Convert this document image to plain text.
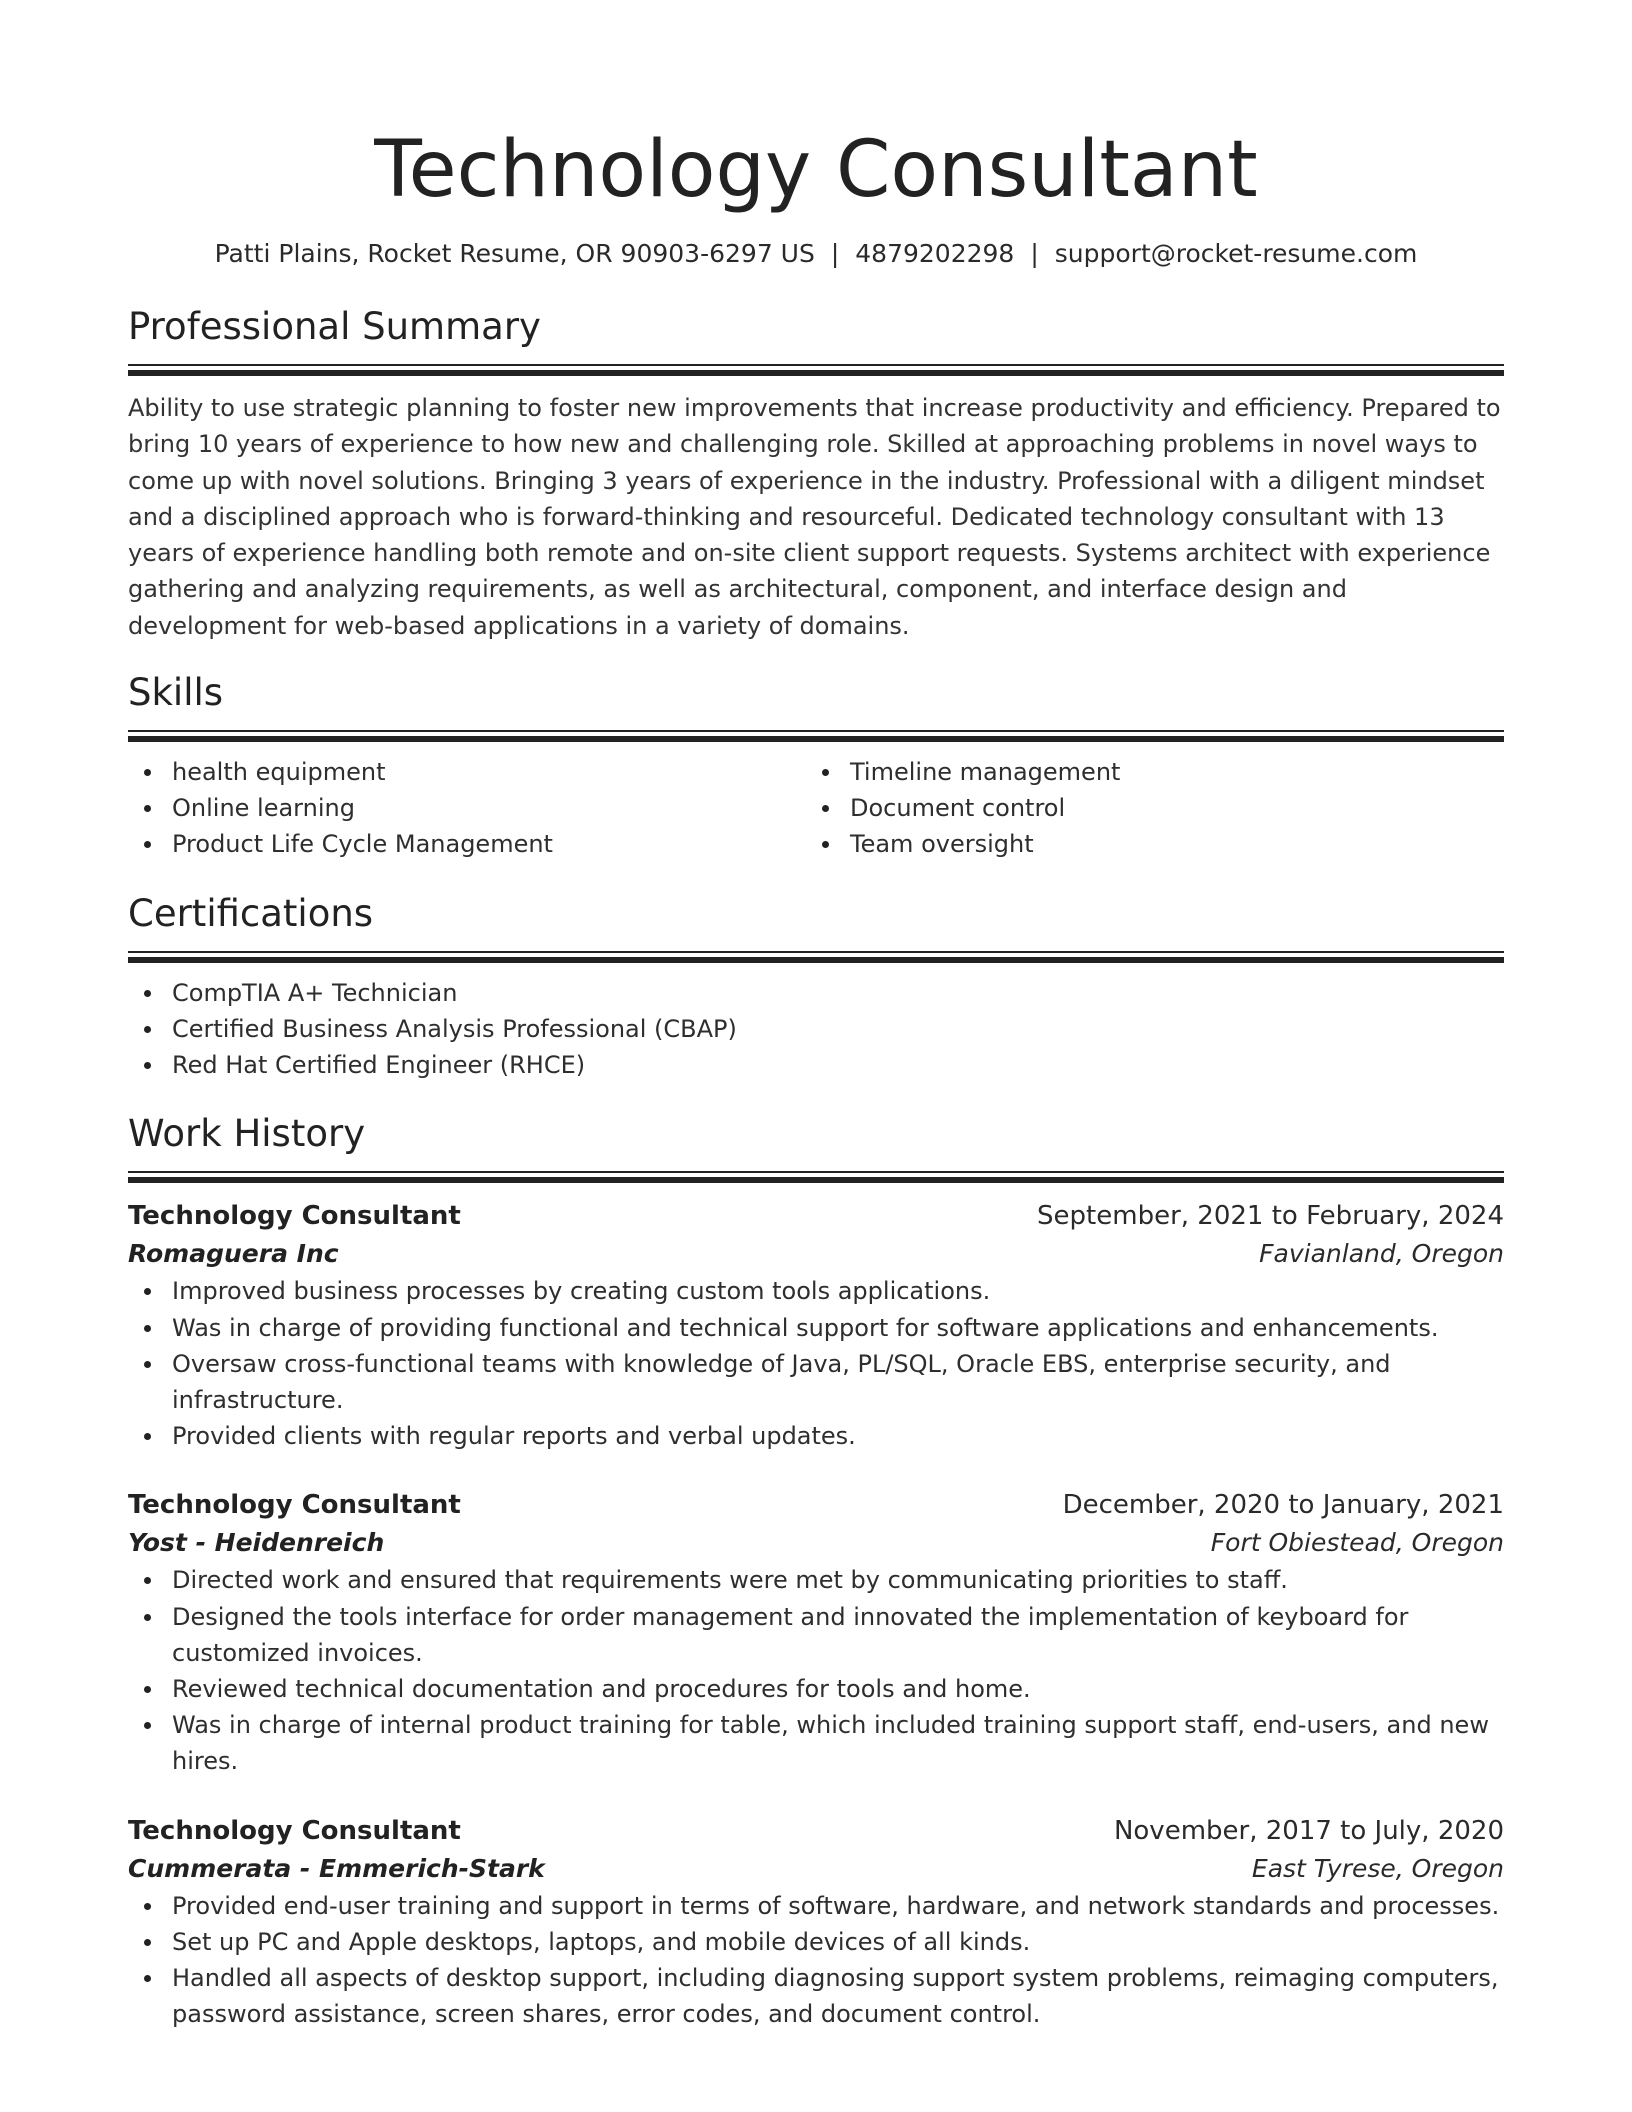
Technology Consultant
Patti Plains, Rocket Resume, OR 90903-6297 US | 4879202298 | support@rocket-resume.com
Professional Summary

Ability to use strategic planning to foster new improvements that increase productivity and efficiency. Prepared to bring 10 years of experience to how new and challenging role. Skilled at approaching problems in novel ways to come up with novel solutions. Bringing 3 years of experience in the industry. Professional with a diligent mindset and a disciplined approach who is forward-thinking and resourceful. Dedicated technology consultant with 13 years of experience handling both remote and on-site client support requests. Systems architect with experience gathering and analyzing requirements, as well as architectural, component, and interface design and development for web-based applications in a variety of domains.

Skills
health equipment
Online learning
Product Life Cycle Management
Timeline management
Document control
Team oversight
Certifications
CompTIA A+ Technician
Certified Business Analysis Professional (CBAP)
Red Hat Certified Engineer (RHCE)
Work History
Technology Consultant	September, 2021 to February, 2024
Romaguera Inc	Favianland, Oregon
Improved business processes by creating custom tools applications.
Was in charge of providing functional and technical support for software applications and enhancements.
Oversaw cross-functional teams with knowledge of Java, PL/SQL, Oracle EBS, enterprise security, and infrastructure.
Provided clients with regular reports and verbal updates.
Technology Consultant	December, 2020 to January, 2021
Yost - Heidenreich	Fort Obiestead, Oregon
Directed work and ensured that requirements were met by communicating priorities to staff.
Designed the tools interface for order management and innovated the implementation of keyboard for customized invoices.
Reviewed technical documentation and procedures for tools and home.
Was in charge of internal product training for table, which included training support staff, end-users, and new hires.
Technology Consultant	November, 2017 to July, 2020
Cummerata - Emmerich-Stark	East Tyrese, Oregon
Provided end-user training and support in terms of software, hardware, and network standards and processes.
Set up PC and Apple desktops, laptops, and mobile devices of all kinds.
Handled all aspects of desktop support, including diagnosing support system problems, reimaging computers, password assistance, screen shares, error codes, and document control.
